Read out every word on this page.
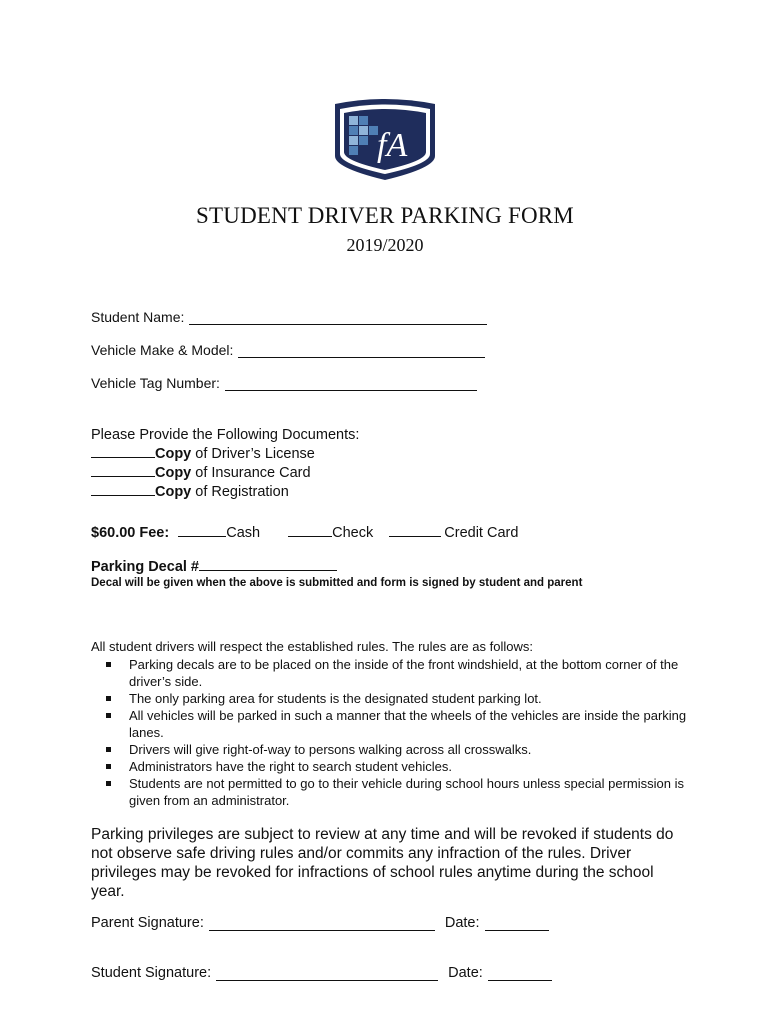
fA
STUDENT DRIVER PARKING FORM
2019/2020
Student Name:
Vehicle Make & Model:
Vehicle Tag Number:
Please Provide the Following Documents:
Copy of Driver’s License
Copy of Insurance Card
Copy of Registration
$60.00 Fee:	Cash	Check	Credit Card
Parking Decal #
Decal will be given when the above is submitted and form is signed by student and parent
All student drivers will respect the established rules. The rules are as follows:
Parking decals are to be placed on the inside of the front windshield, at the bottom corner of the driver’s side.
The only parking area for students is the designated student parking lot.
All vehicles will be parked in such a manner that the wheels of the vehicles are inside the parking lanes.
Drivers will give right-of-way to persons walking across all crosswalks.
Administrators have the right to search student vehicles.
Students are not permitted to go to their vehicle during school hours unless special permission is given from an administrator.
Parking privileges are subject to review at any time and will be revoked if students do not observe safe driving rules and/or commits any infraction of the rules. Driver privileges may be revoked for infractions of school rules anytime during the school year.
Parent Signature:	Date:
Student Signature:	Date:
